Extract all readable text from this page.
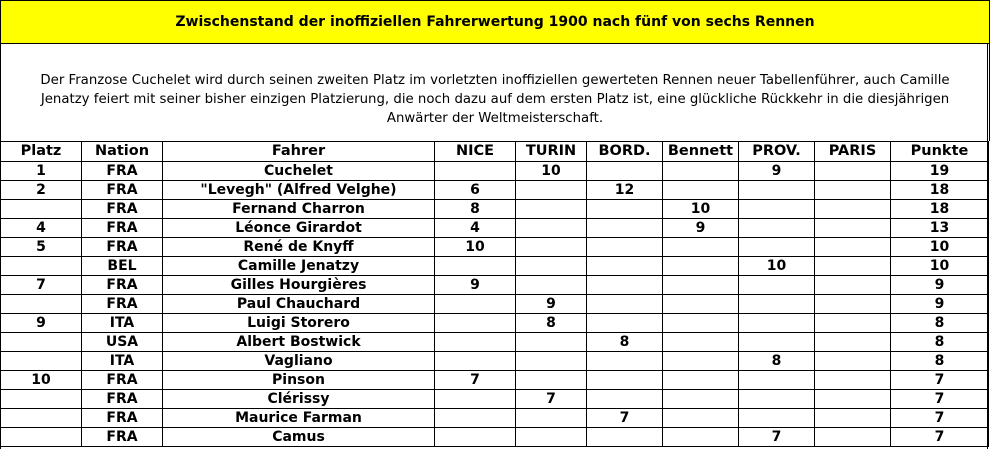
Zwischenstand der inoffiziellen Fahrerwertung 1900 nach fünf von sechs Rennen
Der Franzose Cuchelet wird durch seinen zweiten Platz im vorletzten inoffiziellen gewerteten Rennen neuer Tabellenführer, auch Camille Jenatzy feiert mit seiner bisher einzigen Platzierung, die noch dazu auf dem ersten Platz ist, eine glückliche Rückkehr in die diesjährigen Anwärter der Weltmeisterschaft.
Platz	Nation	Fahrer	NICE	TURIN	BORD.	Bennett	PROV.	PARIS	Punkte
1	FRA	Cuchelet		10			9		19
2	FRA	"Levegh" (Alfred Velghe)	6		12				18
	FRA	Fernand Charron	8			10			18
4	FRA	Léonce Girardot	4			9			13
5	FRA	René de Knyff	10						10
	BEL	Camille Jenatzy					10		10
7	FRA	Gilles Hourgières	9						9
	FRA	Paul Chauchard		9					9
9	ITA	Luigi Storero		8					8
	USA	Albert Bostwick			8				8
	ITA	Vagliano					8		8
10	FRA	Pinson	7						7
	FRA	Clérissy		7					7
	FRA	Maurice Farman			7				7
	FRA	Camus					7		7
